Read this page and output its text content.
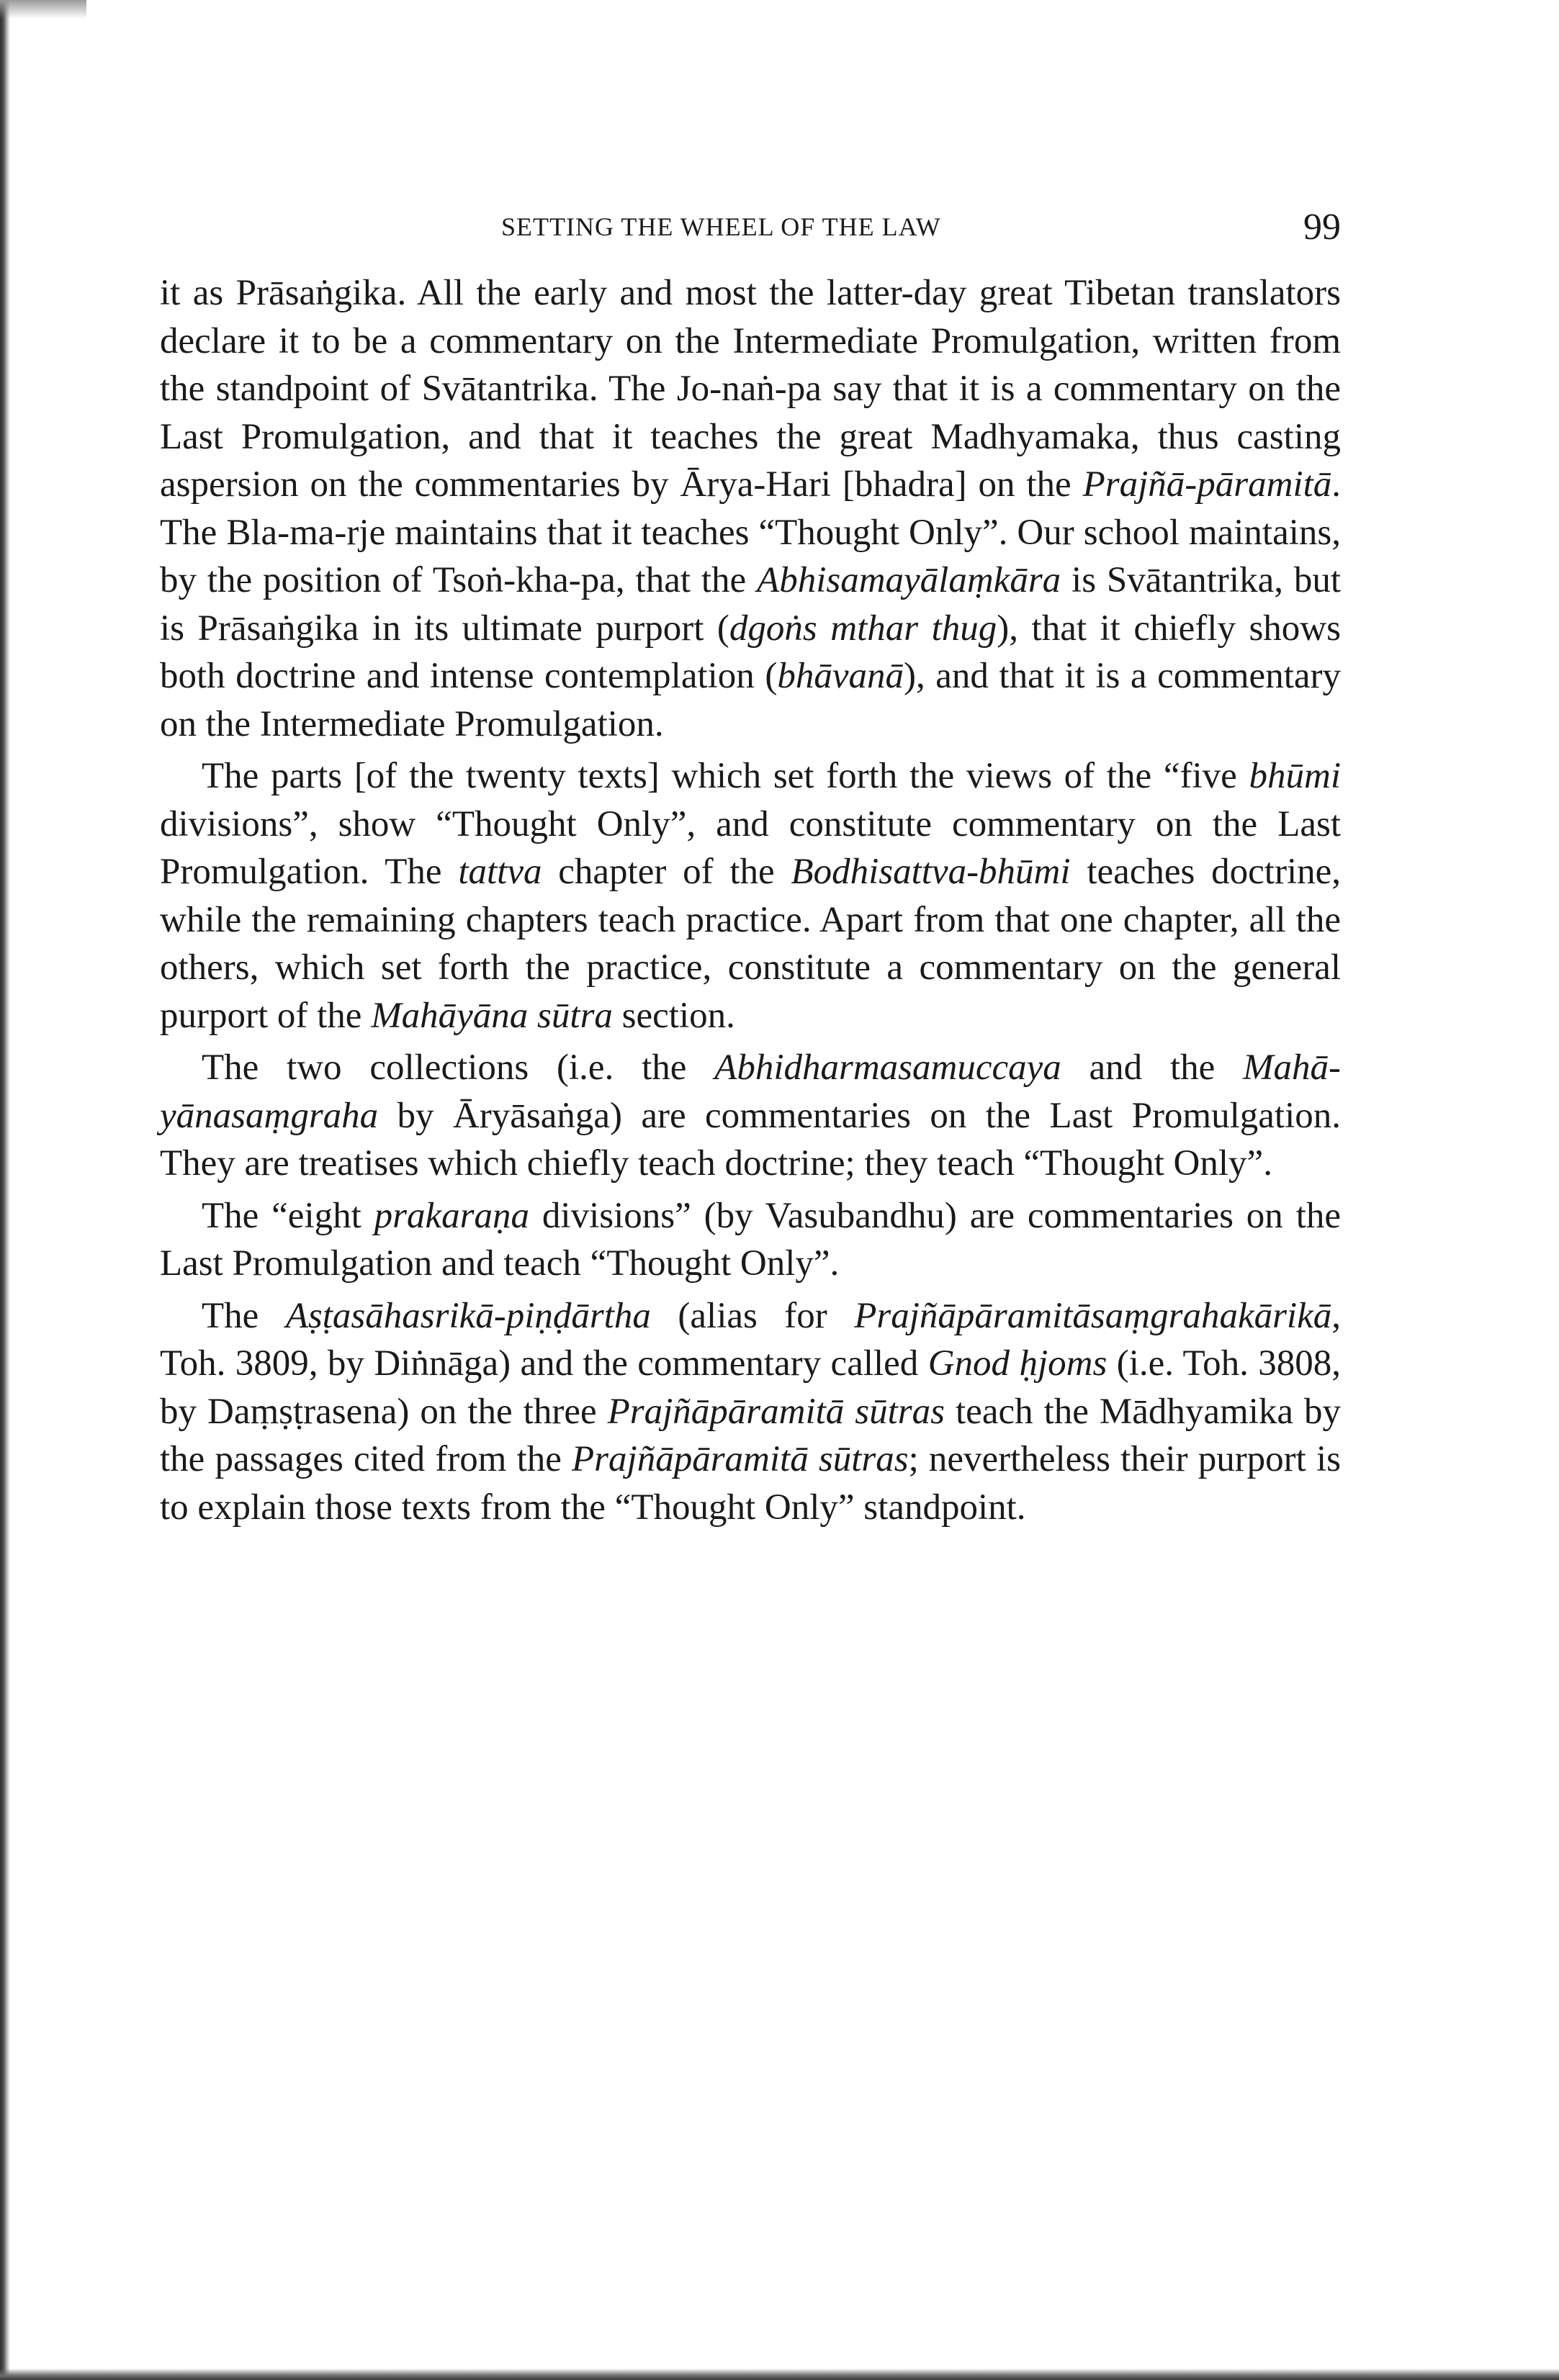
SETTING THE WHEEL OF THE LAW	99

it as Prāsaṅgika. All the early and most the latter-day great Tibetan translators declare it to be a commentary on the Intermediate Promulgation, written from the standpoint of Svātantrika. The Jo-naṅ-pa say that it is a commentary on the Last Promulgation, and that it teaches the great Madhyamaka, thus casting aspersion on the commentaries by Ārya-Hari [bhadra] on the Prajñā-pāramitā. The Bla-ma-rje maintains that it teaches “Thought Only”. Our school maintains, by the position of Tsoṅ-kha-pa, that the Abhisamayālaṃkāra is Svātantrika, but is Prāsaṅgika in its ultimate purport (dgoṅs mthar thug), that it chiefly shows both doctrine and intense contemplation (bhāvanā), and that it is a commentary on the Intermediate Promulgation.

The parts [of the twenty texts] which set forth the views of the “five bhūmi divisions”, show “Thought Only”, and constitute commentary on the Last Promulgation. The tattva chapter of the Bodhisattva-bhūmi teaches doctrine, while the remaining chapters teach practice. Apart from that one chapter, all the others, which set forth the practice, constitute a commentary on the general purport of the Mahāyāna sūtra section.

The two collections (i.e. the Abhidharmasamuccaya and the Mahāyānasaṃgraha by Āryāsaṅga) are commentaries on the Last Promulgation. They are treatises which chiefly teach doctrine; they teach “Thought Only”.

The “eight prakaraṇa divisions” (by Vasubandhu) are commentaries on the Last Promulgation and teach “Thought Only”.

The Aṣṭasāhasrikā-piṇḍārtha (alias for Prajñāpāramitāsaṃgrahakārikā, Toh. 3809, by Diṅnāga) and the commentary called Gnod ḥjoms (i.e. Toh. 3808, by Daṃṣṭrasena) on the three Prajñāpāramitā sūtras teach the Mādhyamika by the passages cited from the Prajñāpāramitā sūtras; nevertheless their purport is to explain those texts from the “Thought Only” standpoint.
